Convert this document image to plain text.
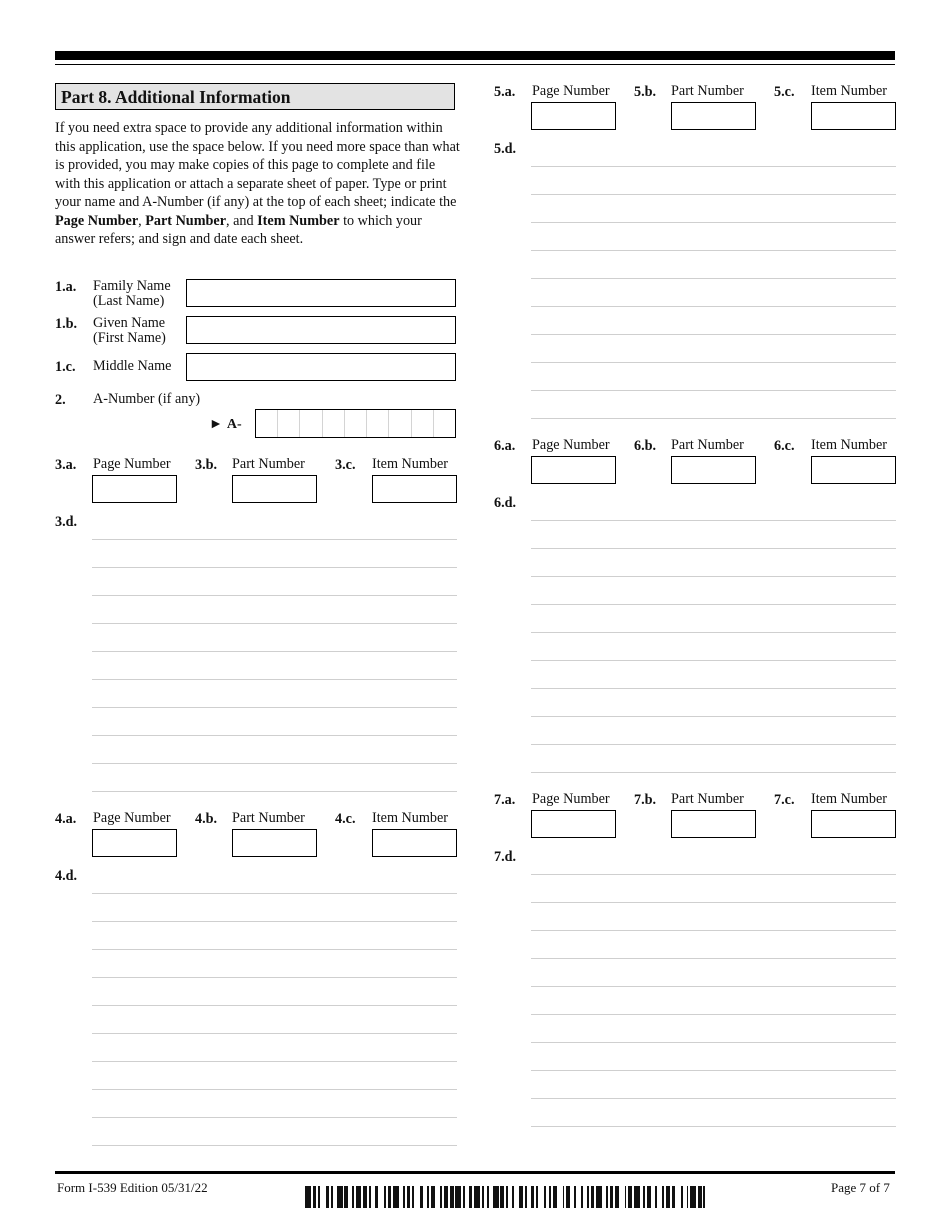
Part 8. Additional Information
If you need extra space to provide any additional information within this application, use the space below. If you need more space than what is provided, you may make copies of this page to complete and file with this application or attach a separate sheet of paper. Type or print your name and A-Number (if any) at the top of each sheet; indicate the Page Number, Part Number, and Item Number to which your answer refers; and sign and date each sheet.
1.a. Family Name
(Last Name)
1.b. Given Name
(First Name)
1.c. Middle Name
2. A-Number (if any)
► A-
3.a. Page Number 3.b. Part Number 3.c. Item Number
3.d.
4.a. Page Number 4.b. Part Number 4.c. Item Number
4.d.
5.a. Page Number 5.b. Part Number 5.c. Item Number
5.d.
6.a. Page Number 6.b. Part Number 6.c. Item Number
6.d.
7.a. Page Number 7.b. Part Number 7.c. Item Number
7.d.
Form I-539 Edition 05/31/22	Page 7 of 7
